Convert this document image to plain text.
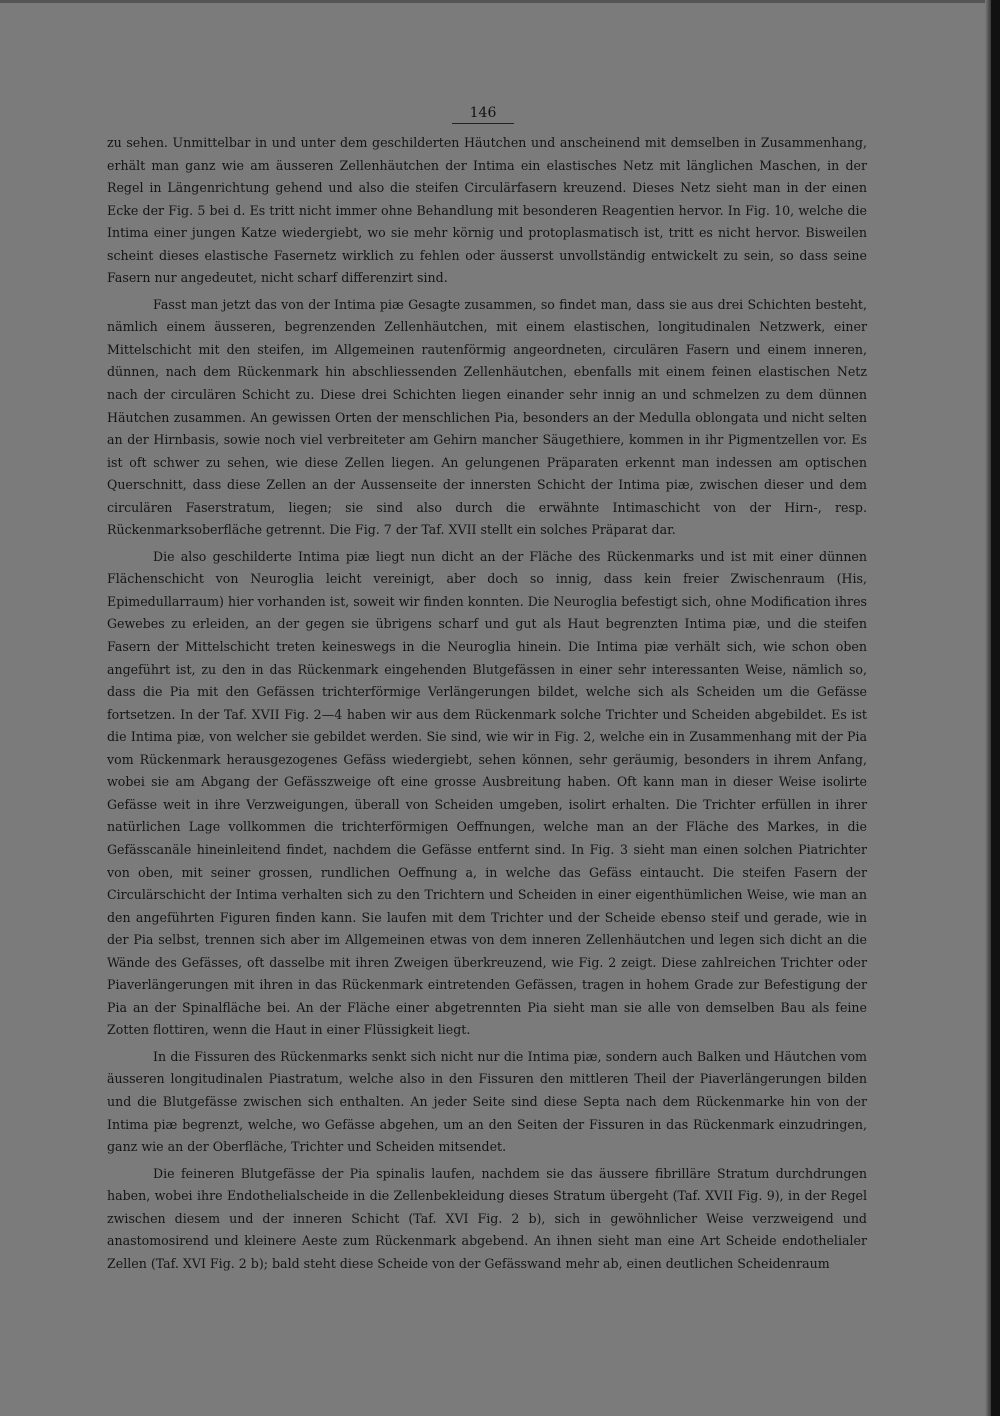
146

zu sehen. Unmittelbar in und unter dem geschilderten Häutchen und anscheinend mit demselben in Zusammenhang, erhält man ganz wie am äusseren Zellenhäutchen der Intima ein elastisches Netz mit länglichen Maschen, in der Regel in Längenrichtung gehend und also die steifen Circulärfasern kreuzend. Dieses Netz sieht man in der einen Ecke der Fig. 5 bei d. Es tritt nicht immer ohne Behandlung mit besonderen Reagentien hervor. In Fig. 10, welche die Intima einer jungen Katze wiedergiebt, wo sie mehr körnig und protoplasmatisch ist, tritt es nicht hervor. Bisweilen scheint dieses elastische Fasernetz wirklich zu fehlen oder äusserst unvollständig entwickelt zu sein, so dass seine Fasern nur angedeutet, nicht scharf differenzirt sind.

Fasst man jetzt das von der Intima piæ Gesagte zusammen, so findet man, dass sie aus drei Schichten besteht, nämlich einem äusseren, begrenzenden Zellenhäutchen, mit einem elastischen, longitudinalen Netzwerk, einer Mittelschicht mit den steifen, im Allgemeinen rautenförmig angeordneten, circulären Fasern und einem inneren, dünnen, nach dem Rückenmark hin abschliessenden Zellenhäutchen, ebenfalls mit einem feinen elastischen Netz nach der circulären Schicht zu. Diese drei Schichten liegen einander sehr innig an und schmelzen zu dem dünnen Häutchen zusammen. An gewissen Orten der menschlichen Pia, besonders an der Medulla oblongata und nicht selten an der Hirnbasis, sowie noch viel verbreiteter am Gehirn mancher Säugethiere, kommen in ihr Pigmentzellen vor. Es ist oft schwer zu sehen, wie diese Zellen liegen. An gelungenen Präparaten erkennt man indessen am optischen Querschnitt, dass diese Zellen an der Aussenseite der innersten Schicht der Intima piæ, zwischen dieser und dem circulären Faserstratum, liegen; sie sind also durch die erwähnte Intimaschicht von der Hirn-, resp. Rückenmarksoberfläche getrennt. Die Fig. 7 der Taf. XVII stellt ein solches Präparat dar.

Die also geschilderte Intima piæ liegt nun dicht an der Fläche des Rückenmarks und ist mit einer dünnen Flächenschicht von Neuroglia leicht vereinigt, aber doch so innig, dass kein freier Zwischenraum (His, Epimedullarraum) hier vorhanden ist, soweit wir finden konnten. Die Neuroglia befestigt sich, ohne Modification ihres Gewebes zu erleiden, an der gegen sie übrigens scharf und gut als Haut begrenzten Intima piæ, und die steifen Fasern der Mittelschicht treten keineswegs in die Neuroglia hinein. Die Intima piæ verhält sich, wie schon oben angeführt ist, zu den in das Rückenmark eingehenden Blutgefässen in einer sehr interessanten Weise, nämlich so, dass die Pia mit den Gefässen trichterförmige Verlängerungen bildet, welche sich als Scheiden um die Gefässe fortsetzen. In der Taf. XVII Fig. 2—4 haben wir aus dem Rückenmark solche Trichter und Scheiden abgebildet. Es ist die Intima piæ, von welcher sie gebildet werden. Sie sind, wie wir in Fig. 2, welche ein in Zusammenhang mit der Pia vom Rückenmark herausgezogenes Gefäss wiedergiebt, sehen können, sehr geräumig, besonders in ihrem Anfang, wobei sie am Abgang der Gefässzweige oft eine grosse Ausbreitung haben. Oft kann man in dieser Weise isolirte Gefässe weit in ihre Verzweigungen, überall von Scheiden umgeben, isolirt erhalten. Die Trichter erfüllen in ihrer natürlichen Lage vollkommen die trichterförmigen Oeffnungen, welche man an der Fläche des Markes, in die Gefässcanäle hineinleitend findet, nachdem die Gefässe entfernt sind. In Fig. 3 sieht man einen solchen Piatrichter von oben, mit seiner grossen, rundlichen Oeffnung a, in welche das Gefäss eintaucht. Die steifen Fasern der Circulärschicht der Intima verhalten sich zu den Trichtern und Scheiden in einer eigenthümlichen Weise, wie man an den angeführten Figuren finden kann. Sie laufen mit dem Trichter und der Scheide ebenso steif und gerade, wie in der Pia selbst, trennen sich aber im Allgemeinen etwas von dem inneren Zellenhäutchen und legen sich dicht an die Wände des Gefässes, oft dasselbe mit ihren Zweigen überkreuzend, wie Fig. 2 zeigt. Diese zahlreichen Trichter oder Piaverlängerungen mit ihren in das Rückenmark eintretenden Gefässen, tragen in hohem Grade zur Befestigung der Pia an der Spinalfläche bei. An der Fläche einer abgetrennten Pia sieht man sie alle von demselben Bau als feine Zotten flottiren, wenn die Haut in einer Flüssigkeit liegt.

In die Fissuren des Rückenmarks senkt sich nicht nur die Intima piæ, sondern auch Balken und Häutchen vom äusseren longitudinalen Piastratum, welche also in den Fissuren den mittleren Theil der Piaverlängerungen bilden und die Blutgefässe zwischen sich enthalten. An jeder Seite sind diese Septa nach dem Rückenmarke hin von der Intima piæ begrenzt, welche, wo Gefässe abgehen, um an den Seiten der Fissuren in das Rückenmark einzudringen, ganz wie an der Oberfläche, Trichter und Scheiden mitsendet.

Die feineren Blutgefässe der Pia spinalis laufen, nachdem sie das äussere fibrilläre Stratum durchdrungen haben, wobei ihre Endothelialscheide in die Zellenbekleidung dieses Stratum übergeht (Taf. XVII Fig. 9), in der Regel zwischen diesem und der inneren Schicht (Taf. XVI Fig. 2 b), sich in gewöhnlicher Weise verzweigend und anastomosirend und kleinere Aeste zum Rückenmark abgebend. An ihnen sieht man eine Art Scheide endothelialer Zellen (Taf. XVI Fig. 2 b); bald steht diese Scheide von der Gefässwand mehr ab, einen deutlichen Scheidenraum
